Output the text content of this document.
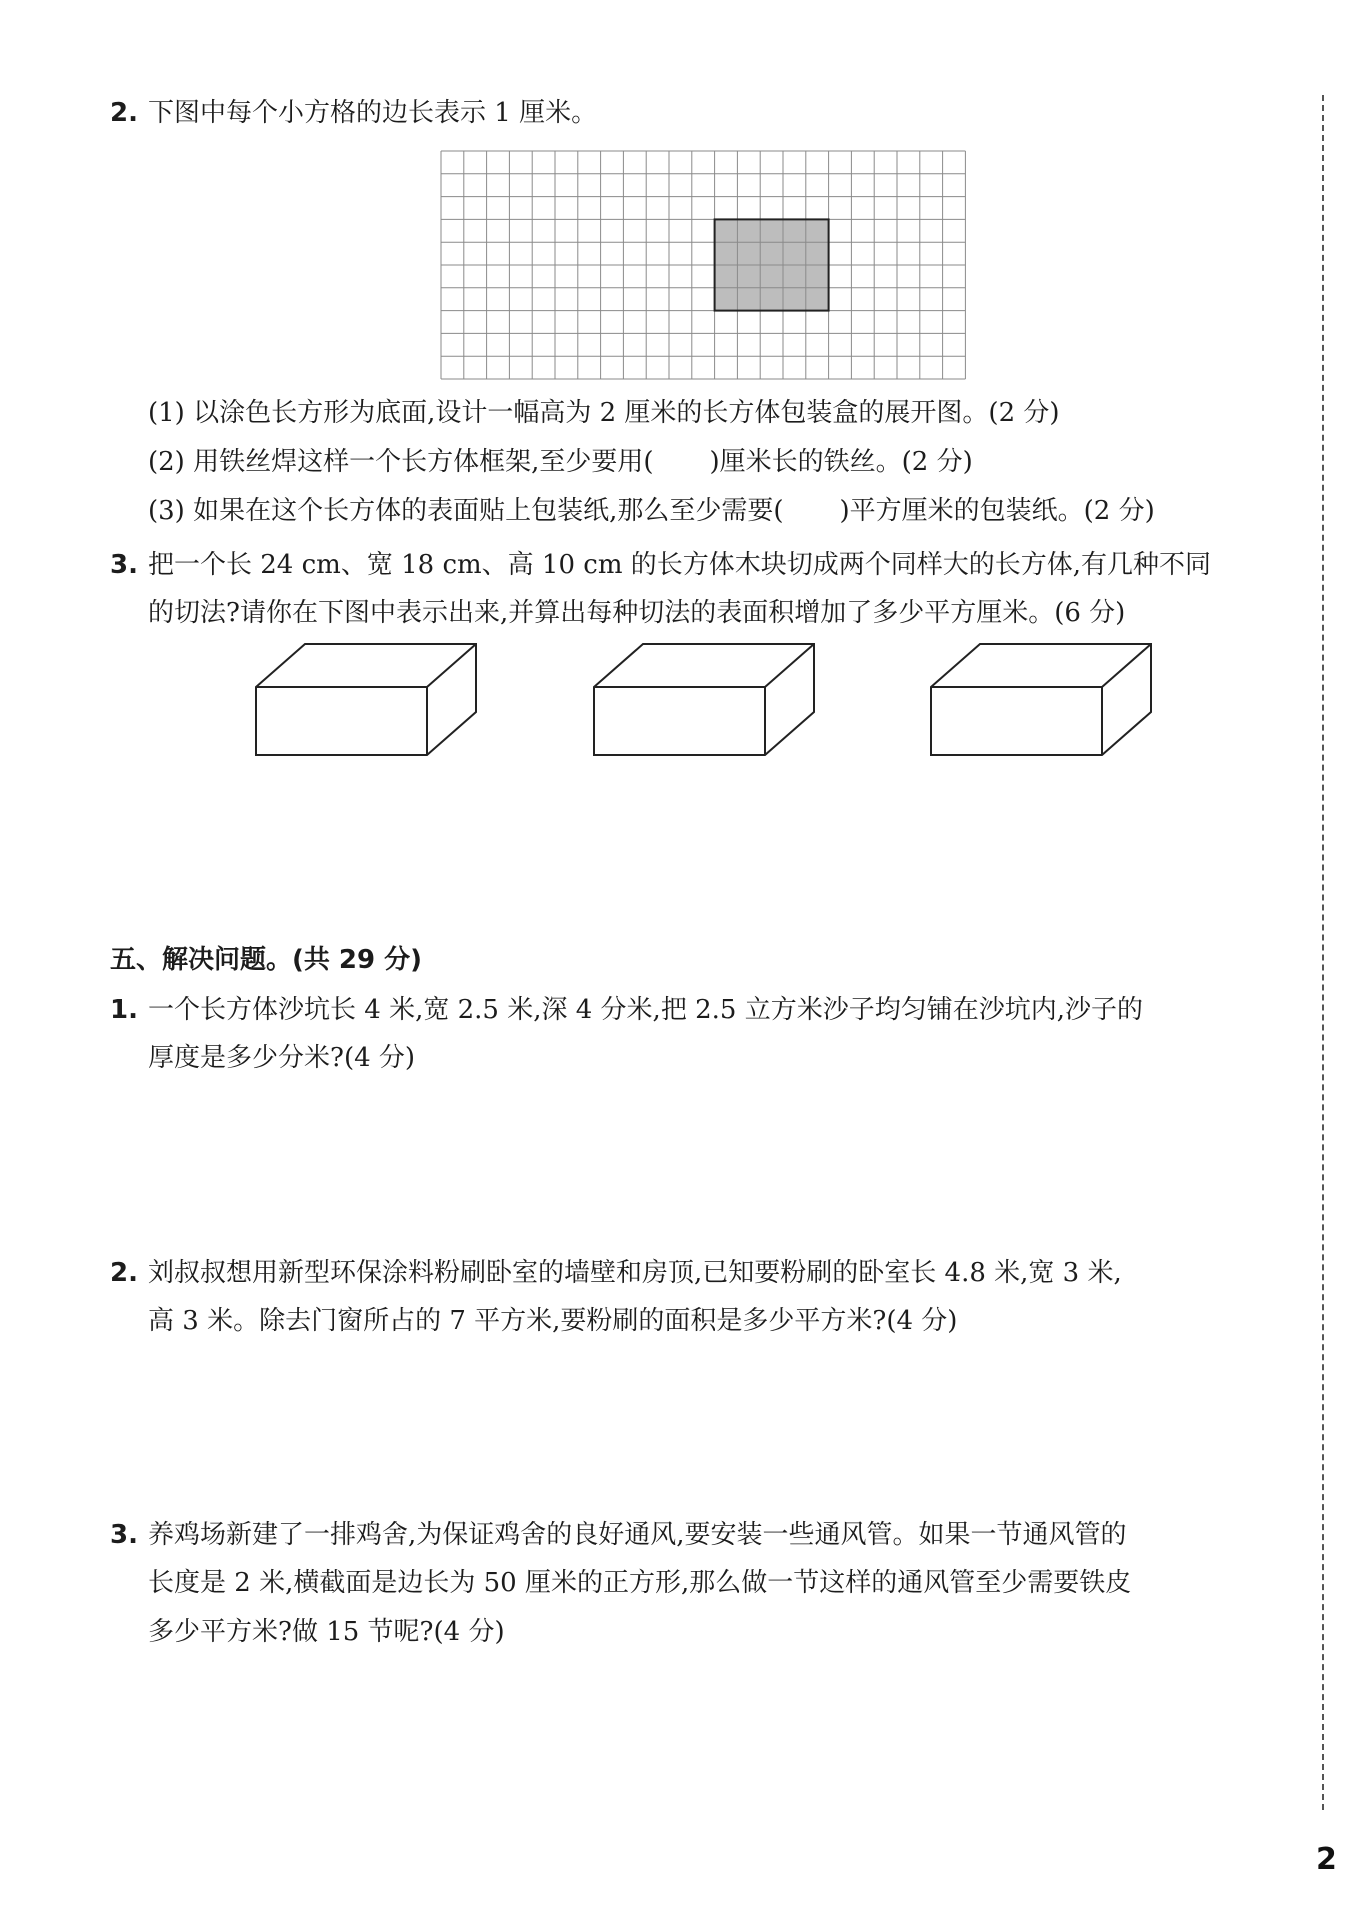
2. 下图中每个小方格的边长表示 1 厘米。
(1) 以涂色长方形为底面,设计一幅高为 2 厘米的长方体包装盒的展开图。(2 分)
(2) 用铁丝焊这样一个长方体框架,至少要用( )厘米长的铁丝。(2 分)
(3) 如果在这个长方体的表面贴上包装纸,那么至少需要( )平方厘米的包装纸。(2 分)
3. 把一个长 24 cm、宽 18 cm、高 10 cm 的长方体木块切成两个同样大的长方体,有几种不同
的切法?请你在下图中表示出来,并算出每种切法的表面积增加了多少平方厘米。(6 分)
五、解决问题。(共 29 分)
1. 一个长方体沙坑长 4 米,宽 2.5 米,深 4 分米,把 2.5 立方米沙子均匀铺在沙坑内,沙子的
厚度是多少分米?(4 分)
2. 刘叔叔想用新型环保涂料粉刷卧室的墙壁和房顶,已知要粉刷的卧室长 4.8 米,宽 3 米,
高 3 米。除去门窗所占的 7 平方米,要粉刷的面积是多少平方米?(4 分)
3. 养鸡场新建了一排鸡舍,为保证鸡舍的良好通风,要安装一些通风管。如果一节通风管的
长度是 2 米,横截面是边长为 50 厘米的正方形,那么做一节这样的通风管至少需要铁皮
多少平方米?做 15 节呢?(4 分)
2
